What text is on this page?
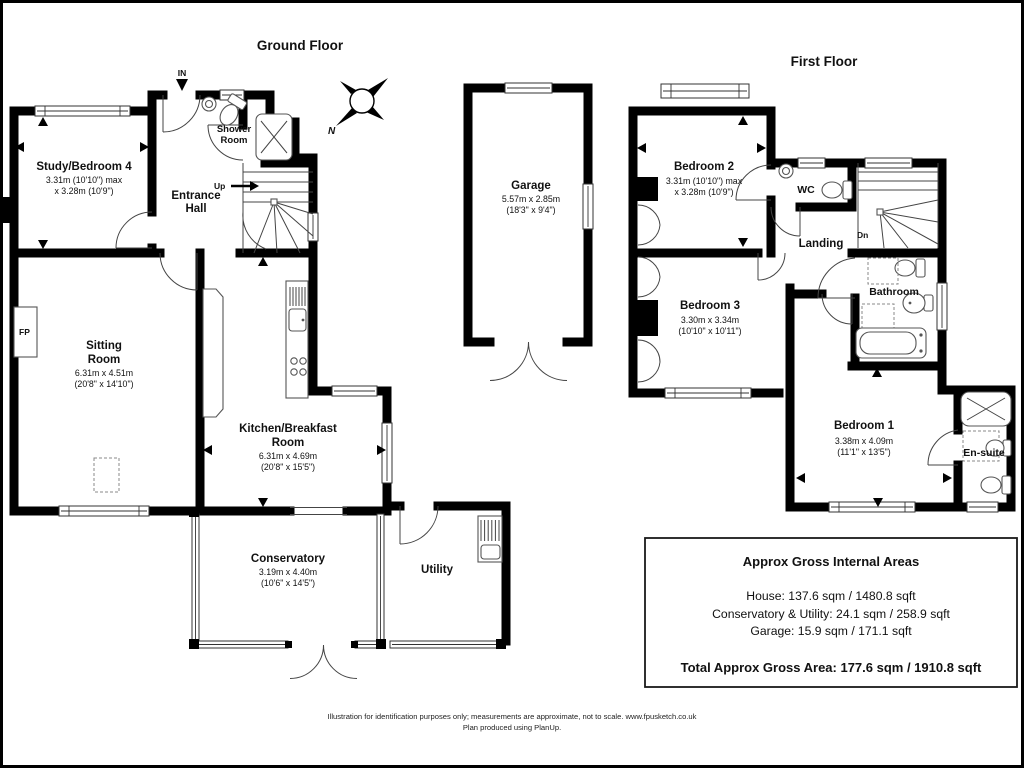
Ground Floor
Up
FP
IN
Study/Bedroom 4
3.31m (10'10") max
x 3.28m (10'9")	Entrance
Hall
Shower
Room
Sitting
Room
6.31m x 4.51m
(20'8" x 14'10")
Kitchen/Breakfast
Room
6.31m x 4.69m
(20'8" x 15'5")
Conservatory
3.19m x 4.40m
(10'6" x 14'5")
Utility
Garage
5.57m x 2.85m
(18'3" x 9'4")
N
First Floor
Dn
Bedroom 2
3.31m (10'10") max
x 3.28m (10'9")	WC
Landing
Bedroom 3
3.30m x 3.34m
(10'10" x 10'11")
Bathroom
Bedroom 1
3.38m x 4.09m
(11'1" x 13'5")	En-suite
Approx Gross Internal Areas
House: 137.6 sqm / 1480.8 sqft
Conservatory & Utility: 24.1 sqm / 258.9 sqft
Garage: 15.9 sqm / 171.1 sqft
Total Approx Gross Area: 177.6 sqm / 1910.8 sqft
Illustration for identification purposes only; measurements are approximate, not to scale. www.fpusketch.co.uk
Plan produced using PlanUp.
